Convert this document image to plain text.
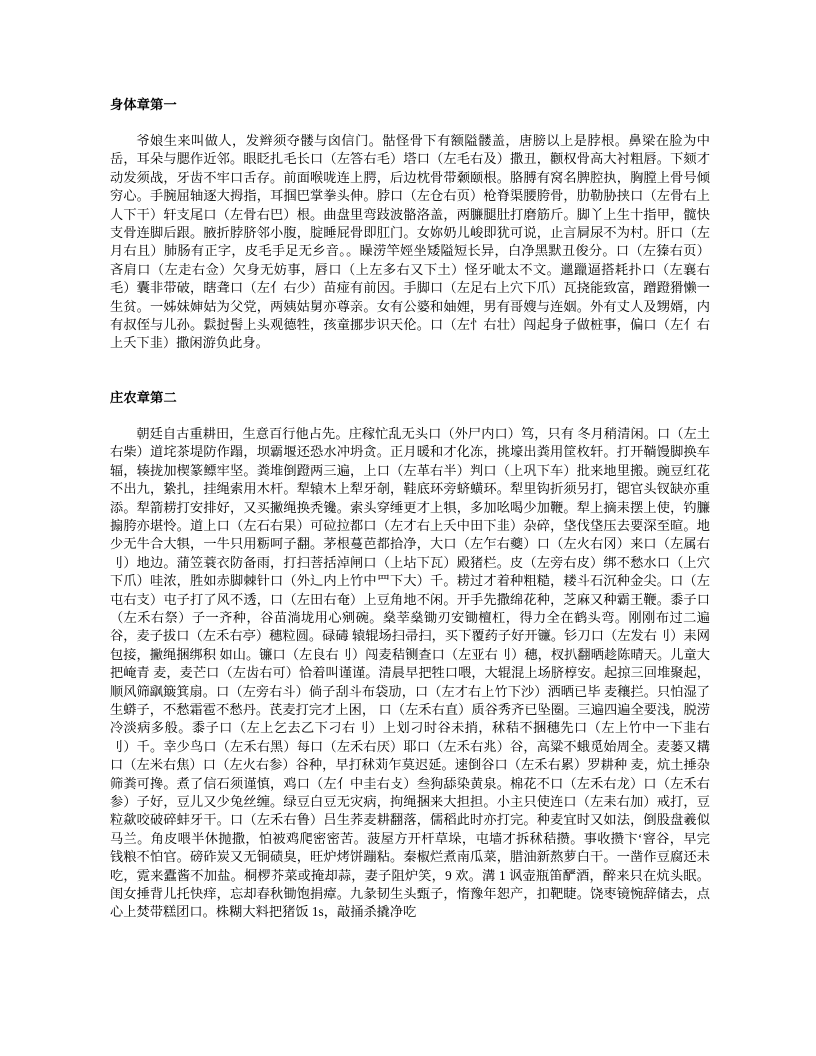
身体章第一

爷娘生来叫做人，发辫须夺髅与囟信门。骷怪骨下有额隘髅盖，唐膀以上是脖根。鼻梁在脸为中岳，耳朵与腮作近邻。眼眨扎毛长口（左答右毛）塔口（左毛右及）撒丑，颧权骨高大衬粗唇。下颏才动发须战，牙齿不牢口舌存。前面喉咙连上腭，后边枕骨带颡颐根。胳膊有窝名脾腔执，胸膛上骨号倾穷心。手腕屈轴逐大拇指，耳掴巴掌拳头伸。脖口（左仓右页）枪脊渠腰胯骨，肋勒胁挟口（左骨右上人下干）轩支尾口（左骨右巴）根。曲盘里弯跂波骼洛盖，两臁腿肚打磨筋斤。脚丫上生十指甲，髋快支骨连脚后跟。腋折脖脐邻小腹，腚睡屁骨即肛门。女妳奶儿峻即犹可说，止言屙尿不为村。肝口（左月右且）肺肠有正字，皮毛手足无乡音。。矂涝竿娙坐矮隘短长异，白净黑默丑俊分。口（左獉右页）吝肩口（左走右佥）欠身无妨事，唇口（上左多右又下土）怪牙呲太不文。邋躐逼搭耗扑口（左襄右毛）囊非带破，瞎聋口（左亻右少）苗痖有前因。手脚口（左足右上穴下爪）瓦挠能致富，蹭蹬猾懒一生贫。一姊妹婶姑为父党，两姨姑舅亦尊亲。女有公婆和妯娌，男有哥嫂与连姻。外有丈人及甥婿，内有叔侄与儿孙。鬏挝髻上头观德牲，孩童挪步识天伦。口（左忄右壮）闯起身子做桩事，偏口（左亻右上夭下韭）撒闲游负此身。

庄农章第二

朝廷自古重耕田，生意百行他占先。庄稼忙乱无头口（外尸内口）笃，只有 冬月稍清闲。口（左土右柴）道垞茶堤防作蹋，坝霸堰还恐水冲坍贪。正月暖和才化冻，挑壕出粪用筐枚轩。打开鞝馒脚换车辐，辏拢加楔篆鳔牢坚。粪堆倒蹬两三遍，上口（左革右半）判口（上巩下车）批来地里搬。豌豆红花不出九，絷扎，挂绳索用木杆。犁辕木上犁牙剞，鞋底环旁蛴蟥环。犁里钩折须另打，锶官头钗缺亦重添。犁箭耢打安排好，又买撇绳换秃镵。索头穿缍更才上犋，多加吆喝少加鞭。犁上摘耒摆上使，钓臁搧胯亦堪怜。道上口（左石右果）可砬拉都口（左才右上夭中田下韭）杂碎，垡伐垡压去要深至暄。地少无牛合大犋，一牛只用粝呵子翻。茅根蔓芭都拾净，大口（左乍右夔）口（左火右冈）来口（左属右刂）地边。蒲笠蓑衣防备雨，打扫菩括淖闸口（上坫下瓦）殿猪栏。皮（左旁右皮）绑不愁水口（上穴下爪）哇浓，胜如赤脚棘针口（外辶内上竹中罒下大）千。耢过才着种粗糙，耧斗石沉种金尖。口（左屯右支）屯子打了风不透，口（左田右奄）上豆角地不闲。开手先撒绵花种，芝麻又种霸王鞭。黍子口（左禾右祭）子一齐种，谷苗淌垅用心剜碗。燊莘燊锄刃安锄檀杠，得力全在鹤头弯。刚刚布过二遍谷，麦子拔口（左禾右亭）穗粒圆。碌碡 辕辊场扫帚扫，买下覆药子好开镰。钐刀口（左发右刂）耒网包接，撇绳捆绑积 如山。镰口（左良右刂）闯麦秸铡查口（左亚右刂）穗，杈扒翻晒趁陈晴天。儿童大把崦青 麦，麦芒口（左齿右可）恰着叫谨谨。清晨早把牲口喂，大辊混上场脐椁安。起掠三回堆聚起，顺风筛飖簸箕扇。口（左旁右斗）倘子刮斗布袋劢，口（左才右上竹下沙）洒晒已毕 麦穰拦。只怕湿了生蟒子，不愁霜雹不愁丹。芪麦打完才上困， 口（左禾右直）质谷秀齐已坠圈。三遍四遍全要浅，脱涝冷淡病多般。黍子口（左上乞去乙下刁右刂）上划刁时谷未捎，秫秸不捆穗先口（左上竹中一下韭右刂）千。幸少鸟口（左禾右黑）每口（左禾右厌）耶口（左禾右兆）谷，高粱不蛾觅始周全。麦蒌又耩口（左米右焦）口（左火右参）谷种，早打秫苅乍莫迟延。速倒谷口（左禾右累）罗耕种 麦，炕土捶杂筛粪可搀。煮了信石须谨慎，鸡口（左亻中圭右攴）叁狗舔染黄泉。棉花不口（左禾右龙）口（左禾右参）子好，豆儿又少兔丝缠。绿豆白豆无灾病，拘绳捆来大担担。小主只使连口（左耒右加）戒打，豆粒歘咬破碎蚌牙干。口（左禾右鲁）吕生荞麦耕翻落，儒稻此时亦打完。种麦宜时又如法，倒股盘羲似马兰。角皮喂半休抛撒，怕被鸡爬密密苦。菠屋方开杆草垛，屯墙才拆秫秸攒。事收攒卞‘窨谷，早完钱粮不怕官。磅砟炭又无铜碛臭，旺炉烤饼蹦粘。秦椒烂煮南瓜菜，腊油新熬萝白干。一凿作豆腐还未吃，霓来蠹酱不加盐。桐椤芥菜或掩却蒜，妻子阻炉笑，9 欢。溝 1 讽壶瓶笛酽酒，醉来只在炕头眠。闺女捶背儿托快痒，忘却春秋锄饱捐瘴。九彖韧生头甄子，惰豫年恕产，扣靶睫。饶枣镜惋辞储去，点心上焚带糕团口。株糊大料把猪饭 1s，敲捅杀撬净吃
